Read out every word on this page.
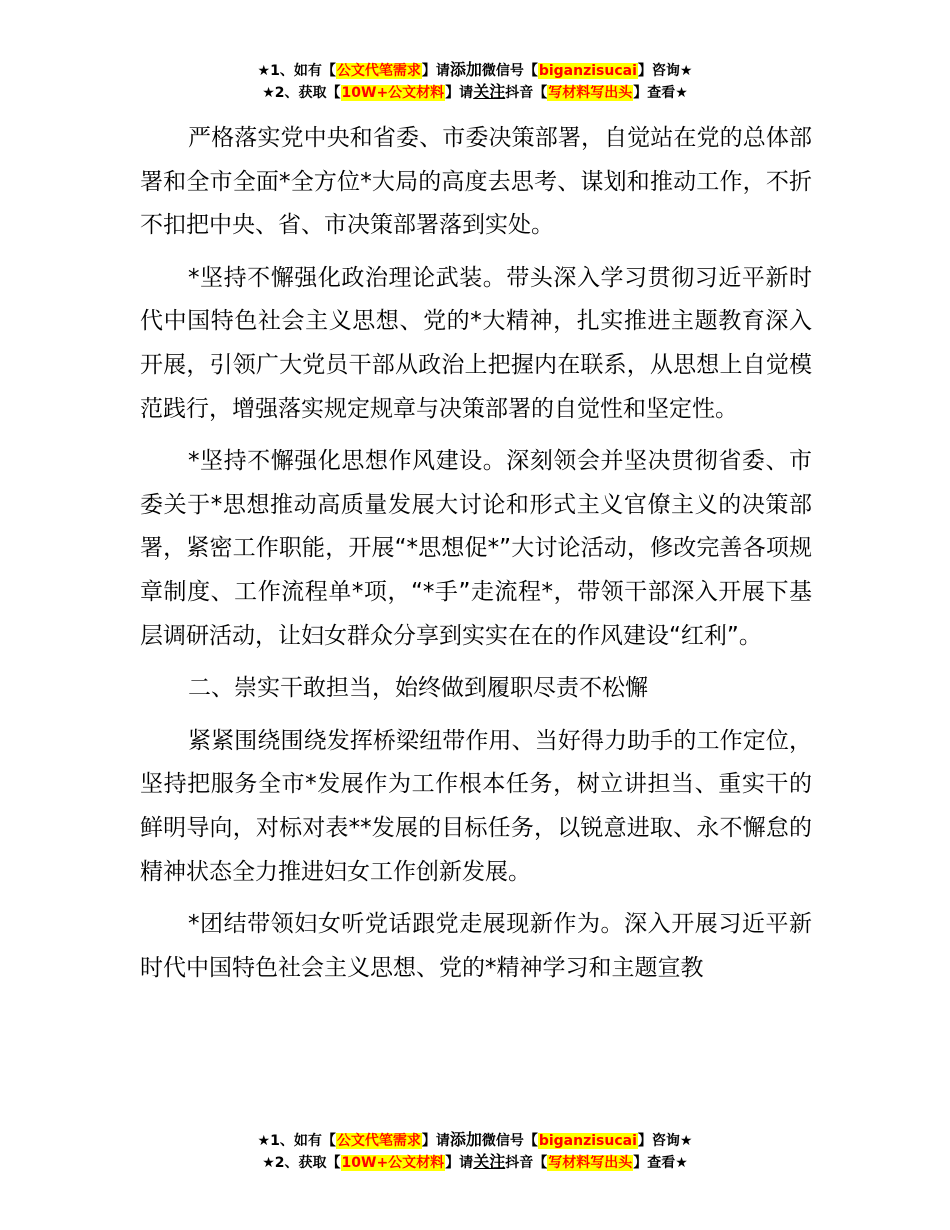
★1、如有【公文代笔需求】请添加微信号【biganzisucai】咨询★
★2、获取【10W+公文材料】请关注抖音【写材料写出头】查看★

严格落实党中央和省委、市委决策部署，自觉站在党的总体部署和全市全面*全方位*大局的高度去思考、谋划和推动工作，不折不扣把中央、省、市决策部署落到实处。

*坚持不懈强化政治理论武装。带头深入学习贯彻习近平新时代中国特色社会主义思想、党的*大精神，扎实推进主题教育深入开展，引领广大党员干部从政治上把握内在联系，从思想上自觉模范践行，增强落实规定规章与决策部署的自觉性和坚定性。

*坚持不懈强化思想作风建设。深刻领会并坚决贯彻省委、市委关于*思想推动高质量发展大讨论和形式主义官僚主义的决策部署，紧密工作职能，开展“*思想促*”大讨论活动，修改完善各项规章制度、工作流程单*项，“*手”走流程*，带领干部深入开展下基层调研活动，让妇女群众分享到实实在在的作风建设“红利”。

二、崇实干敢担当，始终做到履职尽责不松懈

紧紧围绕围绕发挥桥梁纽带作用、当好得力助手的工作定位，坚持把服务全市*发展作为工作根本任务，树立讲担当、重实干的鲜明导向，对标对表**发展的目标任务，以锐意进取、永不懈怠的精神状态全力推进妇女工作创新发展。

*团结带领妇女听党话跟党走展现新作为。深入开展习近平新时代中国特色社会主义思想、党的*精神学习和主题宣教

★1、如有【公文代笔需求】请添加微信号【biganzisucai】咨询★
★2、获取【10W+公文材料】请关注抖音【写材料写出头】查看★
